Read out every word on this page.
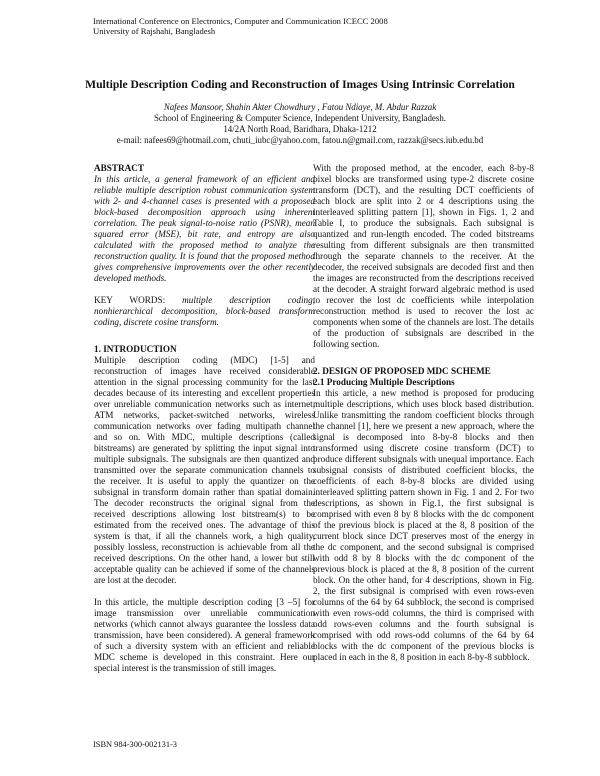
International Conference on Electronics, Computer and Communication ICECC 2008
University of Rajshahi, Bangladesh
Multiple Description Coding and Reconstruction of Images Using Intrinsic Correlation
Nafees Mansoor, Shahin Akter Chowdhury , Fatou Ndiaye, M. Abdur Razzak
School of Engineering & Computer Science, Independent University, Bangladesh.
14/2A North Road, Baridhara, Dhaka-1212
e-mail: nafees69@hotmail.com, chuti_iubc@yahoo.com, fatou.n@gmail.com, razzak@secs.iub.edu.bd
ABSTRACT

In this article, a general framework of an efficient and reliable multiple description robust communication system with 2- and 4-channel cases is presented with a proposed block-based decomposition approach using inherent correlation. The peak signal-to-noise ratio (PSNR), mean squared error (MSE), bit rate, and entropy are also calculated with the proposed method to analyze the reconstruction quality. It is found that the proposed method gives comprehensive improvements over the other recently developed methods.

KEY WORDS: multiple description coding, nonhierarchical decomposition, block-based transform coding, discrete cosine transform.

1. INTRODUCTION

Multiple description coding (MDC) [1-5] and reconstruction of images have received considerable attention in the signal processing community for the last decades because of its interesting and excellent properties over unreliable communication networks such as internet, ATM networks, packet-switched networks, wireless communication networks over fading multipath channel and so on. With MDC, multiple descriptions (called bitstreams) are generated by splitting the input signal into multiple subsignals. The subsignals are then quantized and transmitted over the separate communication channels to the receiver. It is useful to apply the quantizer on the subsignal in transform domain rather than spatial domain. The decoder reconstructs the original signal from the received descriptions allowing lost bitstream(s) to be estimated from the received ones. The advantage of this system is that, if all the channels work, a high quality, possibly lossless, reconstruction is achievable from all the received descriptions. On the other hand, a lower but still acceptable quality can be achieved if some of the channels are lost at the decoder.

In this article, the multiple description coding [3 –5] for image transmission over unreliable communication networks (which cannot always guarantee the lossless data transmission, have been considered). A general framework of such a diversity system with an efficient and reliable MDC scheme is developed in this constraint. Here our special interest is the transmission of still images.

With the proposed method, at the encoder, each 8-by-8 pixel blocks are transformed using type-2 discrete cosine transform (DCT), and the resulting DCT coefficients of each block are split into 2 or 4 descriptions using the interleaved splitting pattern [1], shown in Figs. 1, 2 and Table I, to produce the subsignals. Each subsignal is quantized and run-length encoded. The coded bitstreams resulting from different subsignals are then transmitted through the separate channels to the receiver. At the decoder, the received subsignals are decoded first and then the images are reconstructed from the descriptions received at the decoder. A straight forward algebraic method is used to recover the lost dc coefficients while interpolation reconstruction method is used to recover the lost ac components when some of the channels are lost. The details of the production of subsignals are described in the following section.

2. DESIGN OF PROPOSED MDC SCHEME
2.1 Producing Multiple Descriptions

In this article, a new method is proposed for producing multiple descriptions, which uses block based distribution. Unlike transmitting the random coefficient blocks through the channel [1], here we present a new approach, where the signal is decomposed into 8-by-8 blocks and then transformed using discrete cosine transform (DCT) to produce different subsignals with unequal importance. Each subsignal consists of distributed coefficient blocks, the coefficients of each 8-by-8 blocks are divided using interleaved splitting pattern shown in Fig. 1 and 2. For two descriptions, as shown in Fig.1, the first subsignal is comprised with even 8 by 8 blocks with the dc component of the previous block is placed at the 8, 8 position of the current block since DCT preserves most of the energy in the dc component, and the second subsignal is comprised with odd 8 by 8 blocks with the dc component of the previous block is placed at the 8, 8 position of the current block. On the other hand, for 4 descriptions, shown in Fig. 2, the first subsignal is comprised with even rows-even columns of the 64 by 64 subblock, the second is comprised with even rows-odd columns, the third is comprised with odd rows-even columns and the fourth subsignal is comprised with odd rows-odd columns of the 64 by 64 blocks with the dc component of the previous blocks is placed in each in the 8, 8 position in each 8-by-8 subblock.

ISBN 984-300-002131-3
